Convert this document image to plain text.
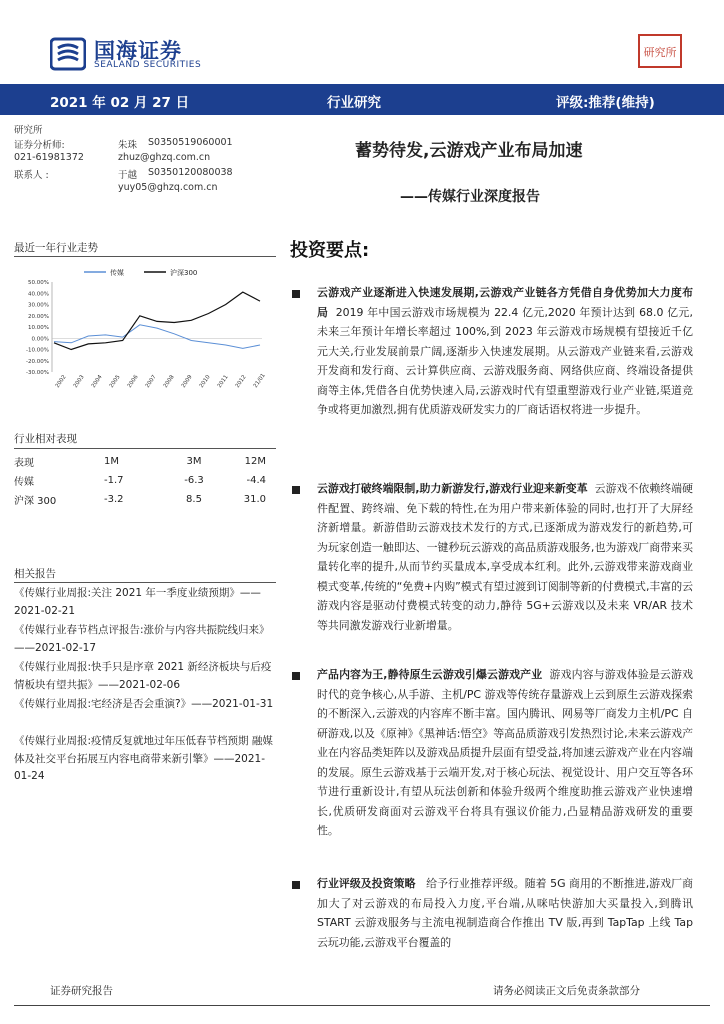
国海证券
SEALAND SECURITIES
研究所
2021 年 02 月 27 日	行业研究	评级:推荐(维持)
研究所
证券分析师:	朱珠 S0350519060001
021-61981372	zhuz@ghzq.com.cn
联系人 :	于越 S0350120080038
yuy05@ghzq.com.cn
蓄势待发,云游戏产业布局加速
——传媒行业深度报告
最近一年行业走势
传媒	沪深300
50.00%
40.00%
30.00%
20.00%
10.00%
0.00%
-10.00%
-20.00%
-30.00%
2002 2003 2004 2005 2006 2007 2008 2009 2010 2011 2012 21/01
行业相对表现
表现	1M	3M	12M
传媒	-1.7	-6.3	-4.4
沪深 300	-3.2	8.5	31.0
相关报告
《传媒行业周报:关注 2021 年一季度业绩预期》——2021-02-21
《传媒行业春节档点评报告:涨价与内容共振院线归来》——2021-02-17
《传媒行业周报:快手只是序章 2021 新经济板块与后疫情板块有望共振》——2021-02-06
《传媒行业周报:宅经济是否会重演?》——2021-01-31
《传媒行业周报:疫情反复就地过年压低春节档预期 融媒体及社交平台拓展互内容电商带来新引擎》——2021-01-24
投资要点:
云游戏产业逐渐进入快速发展期,云游戏产业链各方凭借自身优势加大力度布局 2019 年中国云游戏市场规模为 22.4 亿元,2020 年预计达到 68.0 亿元,未来三年预计年增长率超过 100%,到 2023 年云游戏市场规模有望接近千亿元大关,行业发展前景广阔,逐渐步入快速发展期。从云游戏产业链来看,云游戏开发商和发行商、云计算供应商、云游戏服务商、网络供应商、终端设备提供商等主体,凭借各自优势快速入局,云游戏时代有望重塑游戏行业产业链,渠道竞争或将更加激烈,拥有优质游戏研发实力的厂商话语权将进一步提升。
云游戏打破终端限制,助力新游发行,游戏行业迎来新变革 云游戏不依赖终端硬件配置、跨终端、免下载的特性,在为用户带来新体验的同时,也打开了大屏经济新增量。新游借助云游戏技术发行的方式,已逐渐成为游戏发行的新趋势,可为玩家创造一触即达、一键秒玩云游戏的高品质游戏服务,也为游戏厂商带来买量转化率的提升,从而节约买量成本,享受成本红利。此外,云游戏带来游戏商业模式变革,传统的“免费+内购”模式有望过渡到订阅制等新的付费模式,丰富的云游戏内容是驱动付费模式转变的动力,静待 5G+云游戏以及未来 VR/AR 技术等共同激发游戏行业新增量。
产品内容为王,静待原生云游戏引爆云游戏产业 游戏内容与游戏体验是云游戏时代的竞争核心,从手游、主机/PC 游戏等传统存量游戏上云到原生云游戏探索的不断深入,云游戏的内容库不断丰富。国内腾讯、网易等厂商发力主机/PC 自研游戏,以及《原神》《黑神话:悟空》等高品质游戏引发热烈讨论,未来云游戏产业在内容品类矩阵以及游戏品质提升层面有望受益,将加速云游戏产业在内容端的发展。原生云游戏基于云端开发,对于核心玩法、视觉设计、用户交互等各环节进行重新设计,有望从玩法创新和体验升级两个维度助推云游戏产业快速增长,优质研发商面对云游戏平台将具有强议价能力,凸显精品游戏研发的重要性。
行业评级及投资策略 给予行业推荐评级。随着 5G 商用的不断推进,游戏厂商加大了对云游戏的布局投入力度,平台端,从咪咕快游加大买量投入,到腾讯 START 云游戏服务与主流电视制造商合作推出 TV 版,再到 TapTap 上线 Tap 云玩功能,云游戏平台覆盖的
证券研究报告	请务必阅读正文后免责条款部分
